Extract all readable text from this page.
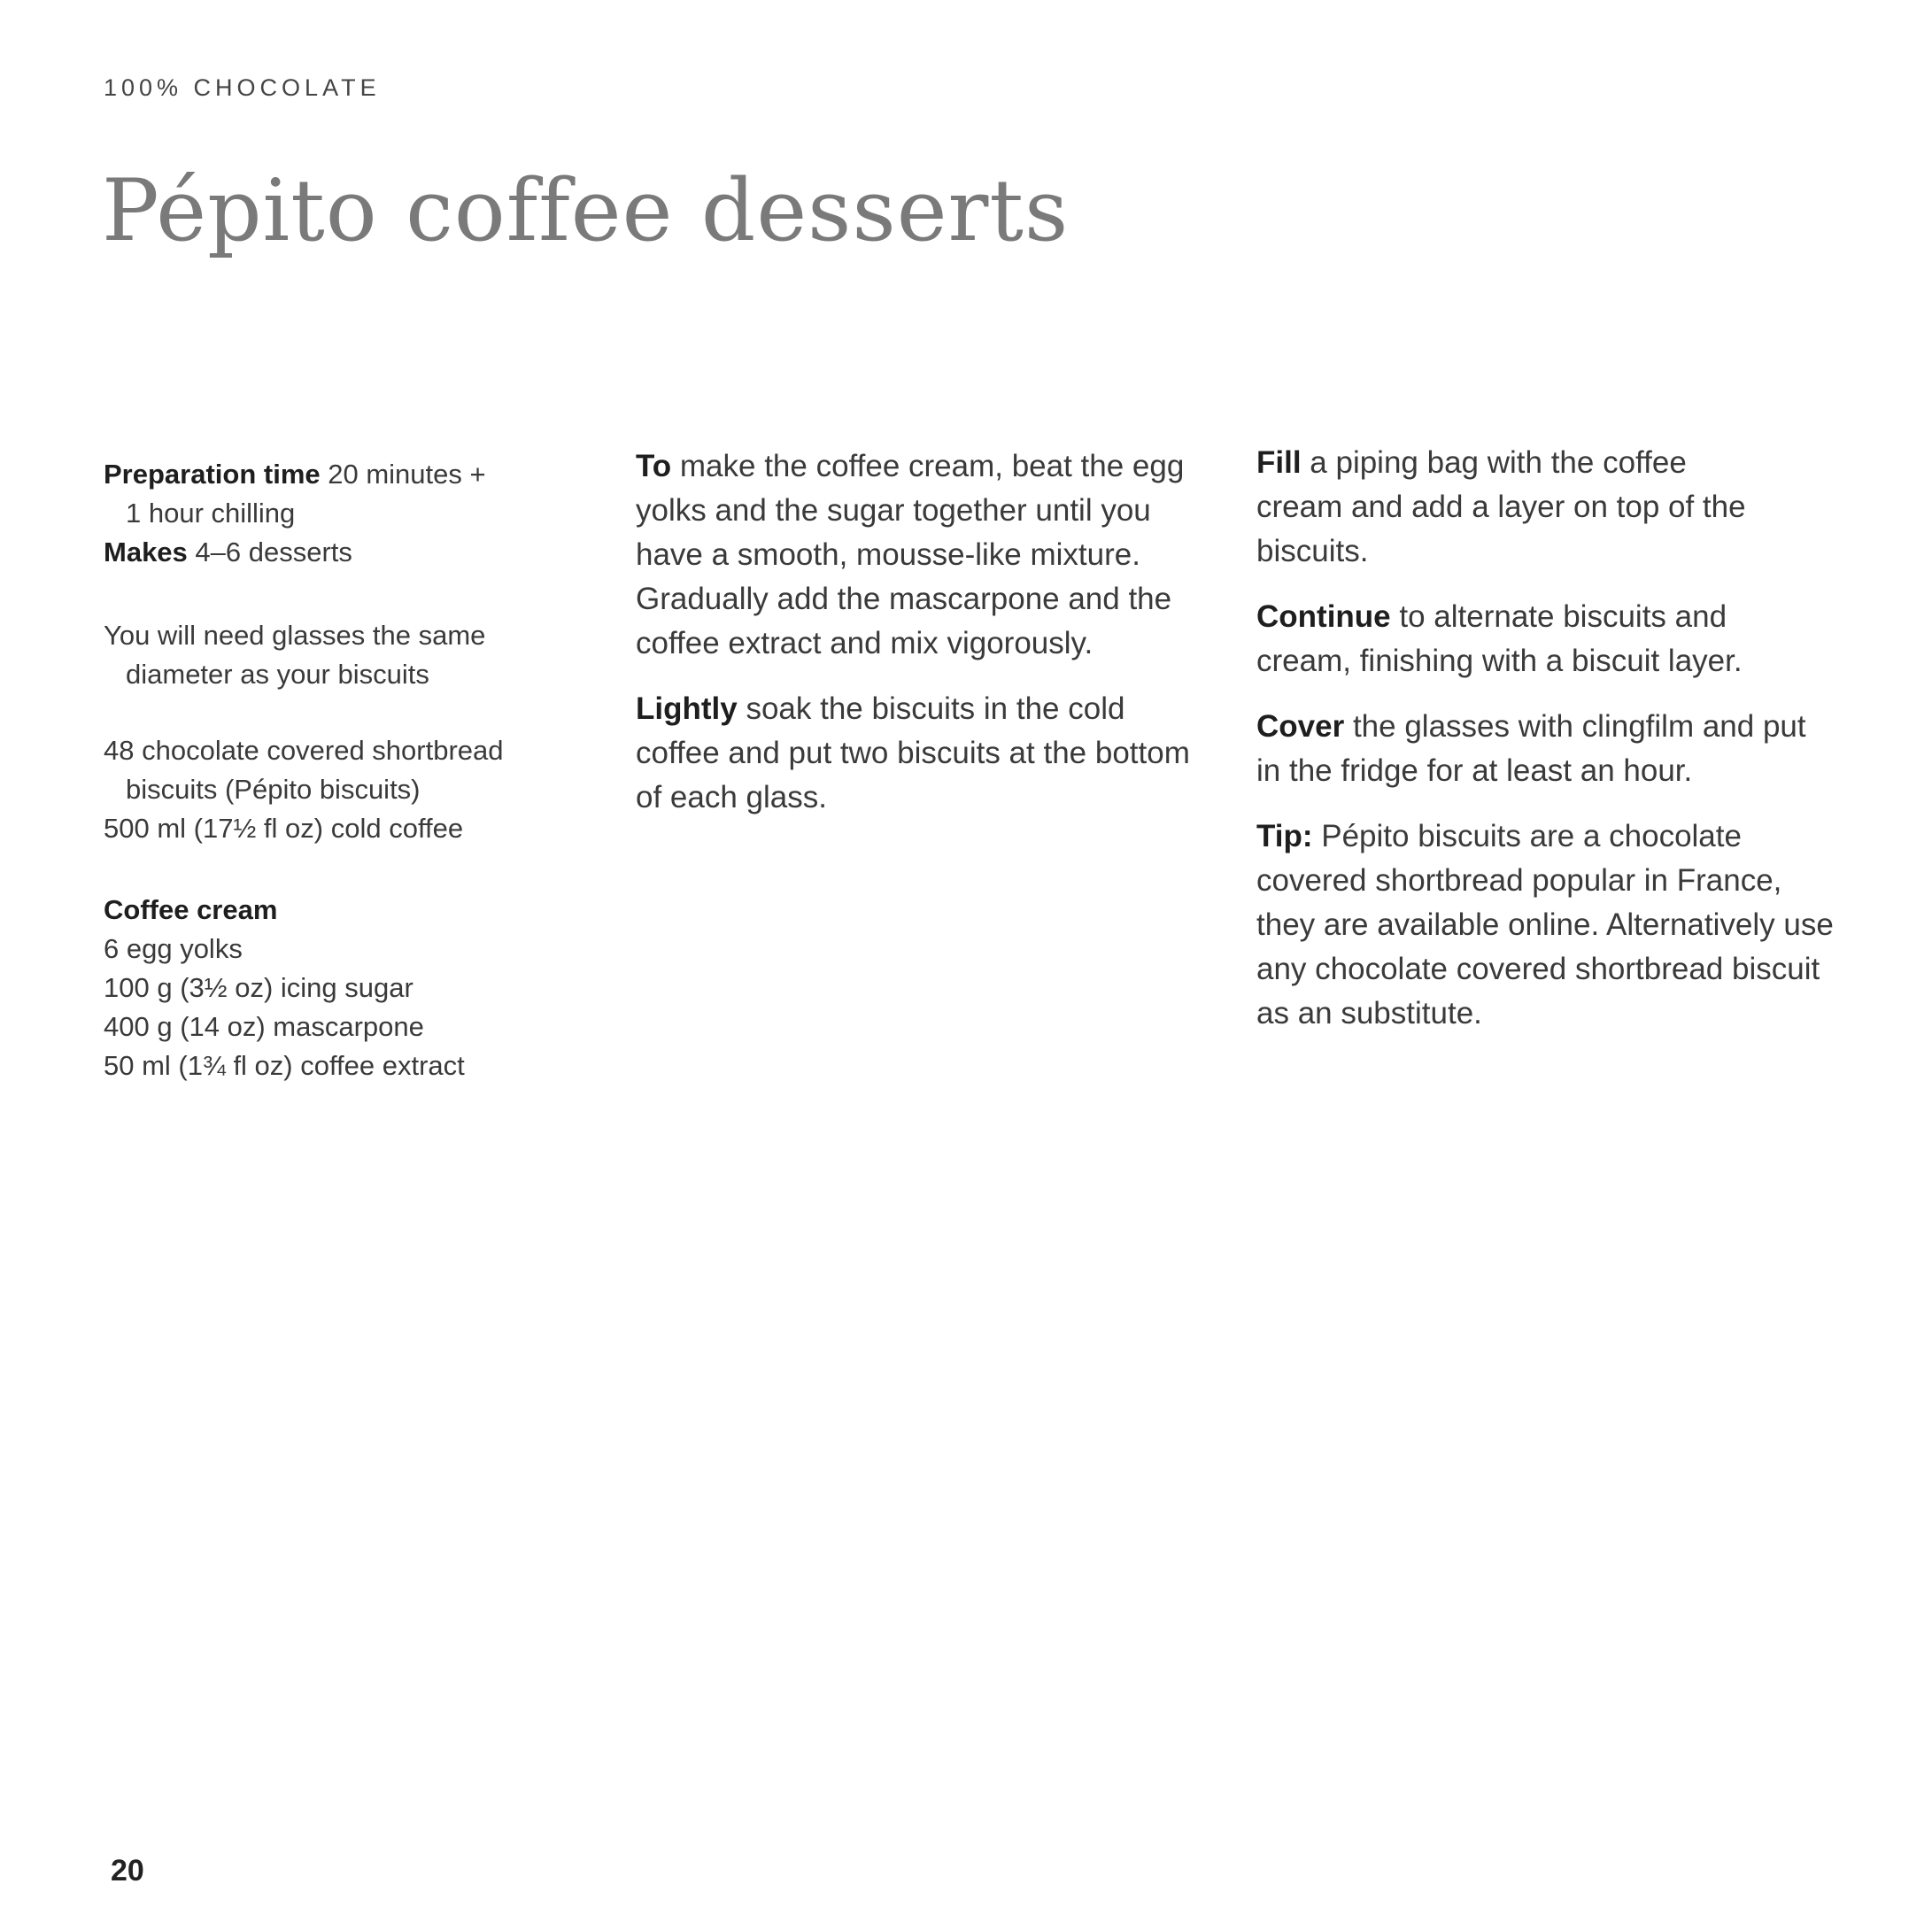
100% CHOCOLATE
Pépito coffee desserts

Preparation time 20 minutes +

1 hour chilling

Makes 4–6 desserts

You will need glasses the same

diameter as your biscuits

48 chocolate covered shortbread

biscuits (Pépito biscuits)

500 ml (17½ fl oz) cold coffee

Coffee cream

6 egg yolks

100 g (3½ oz) icing sugar

400 g (14 oz) mascarpone

50 ml (1¾ fl oz) coffee extract

To make the coffee cream, beat the egg yolks and the sugar together until you have a smooth, mousse-like mixture. Gradually add the mascarpone and the coffee extract and mix vigorously.

Lightly soak the biscuits in the cold coffee and put two biscuits at the bottom of each glass.

Fill a piping bag with the coffee cream and add a layer on top of the biscuits.

Continue to alternate biscuits and cream, finishing with a biscuit layer.

Cover the glasses with clingfilm and put in the fridge for at least an hour.

Tip: Pépito biscuits are a chocolate covered shortbread popular in France, they are available online. Alternatively use any chocolate covered shortbread biscuit as an substitute.

20
